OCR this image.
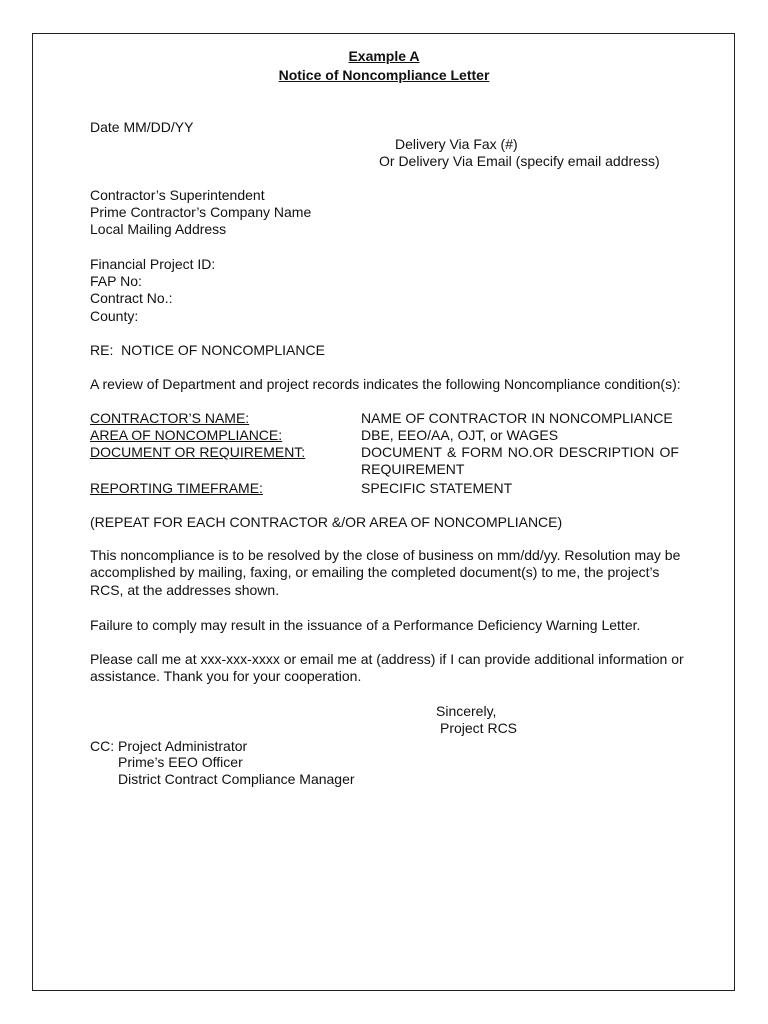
Example A
Notice of Noncompliance Letter
Date MM/DD/YY
Delivery Via Fax (#)
Or Delivery Via Email (specify email address)
Contractor’s Superintendent
Prime Contractor’s Company Name
Local Mailing Address
Financial Project ID:
FAP No:
Contract No.:
County:
RE:  NOTICE OF NONCOMPLIANCE
A review of Department and project records indicates the following Noncompliance condition(s):
CONTRACTOR’S NAME:	NAME OF CONTRACTOR IN NONCOMPLIANCE
AREA OF NONCOMPLIANCE:	DBE, EEO/AA, OJT, or WAGES
DOCUMENT OR REQUIREMENT:	DOCUMENT & FORM NO.OR DESCRIPTION OF
REQUIREMENT
REPORTING TIMEFRAME:	SPECIFIC STATEMENT
(REPEAT FOR EACH CONTRACTOR &/OR AREA OF NONCOMPLIANCE)
This noncompliance is to be resolved by the close of business on mm/dd/yy. Resolution may be
accomplished by mailing, faxing, or emailing the completed document(s) to me, the project’s
RCS, at the addresses shown.
Failure to comply may result in the issuance of a Performance Deficiency Warning Letter.
Please call me at xxx-xxx-xxxx or email me at (address) if I can provide additional information or
assistance. Thank you for your cooperation.
Sincerely,
Project RCS
CC: Project Administrator
Prime’s EEO Officer
District Contract Compliance Manager
